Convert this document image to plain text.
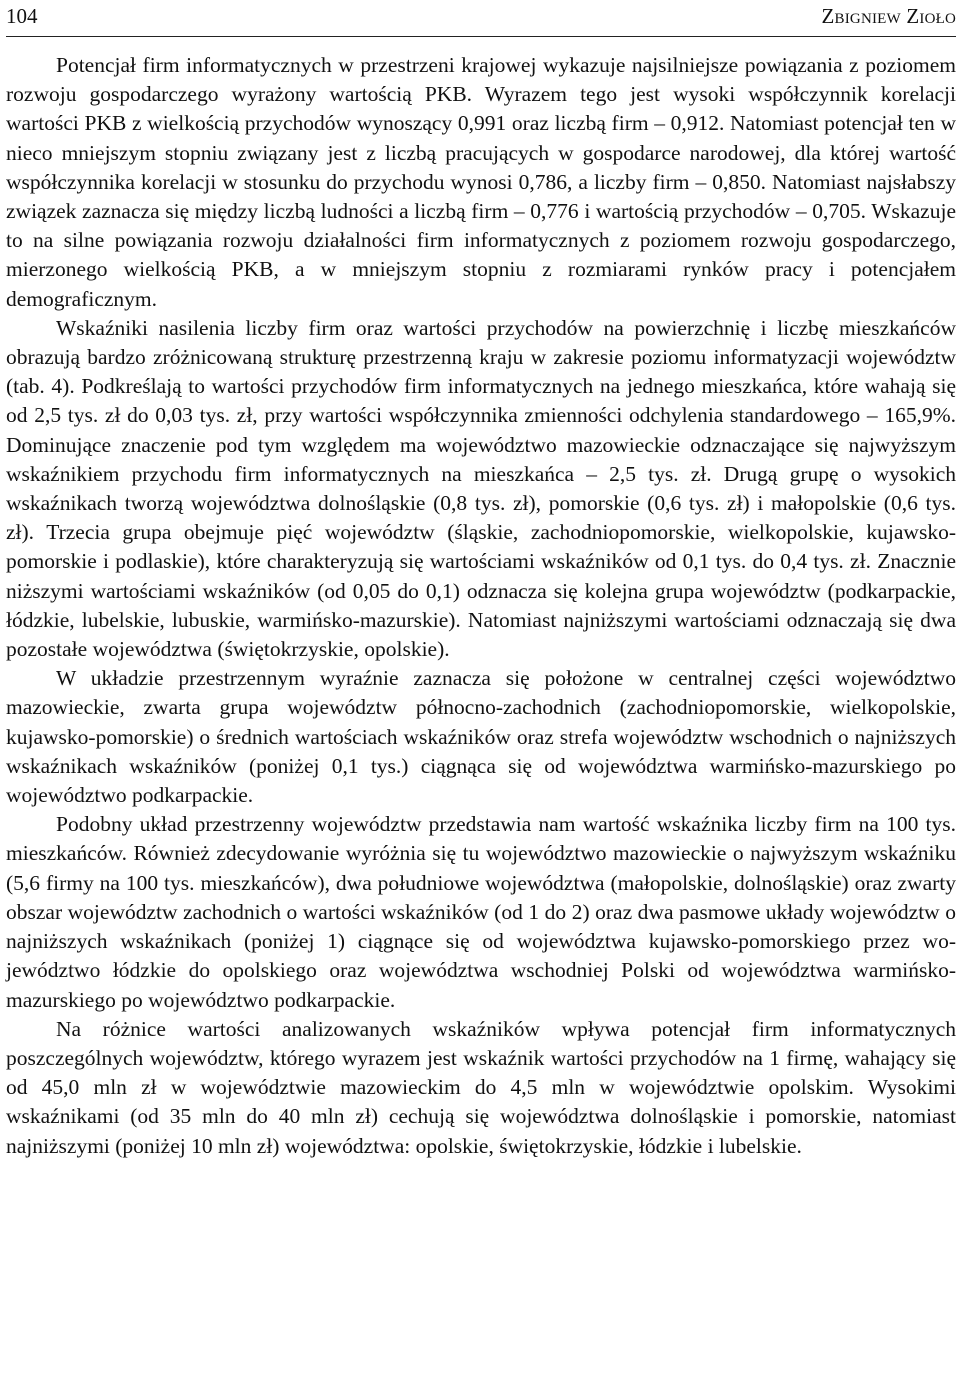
104	Zbigniew Zioło

Potencjał firm informatycznych w przestrzeni krajowej wykazuje najsilniejsze powiązania z poziomem rozwoju gospodarczego wyrażony wartością PKB. Wyrazem tego jest wysoki współczynnik korelacji wartości PKB z wielkością przychodów wynoszący 0,991 oraz liczbą firm – 0,912. Natomiast potencjał ten w nieco mniejszym stopniu związany jest z liczbą pracujących w gospodarce narodowej, dla której wartość współczynnika korelacji w stosunku do przychodu wynosi 0,786, a liczby firm – 0,850. Natomiast najsłabszy związek zaznacza się między liczbą ludności a liczbą firm – 0,776 i wartością przychodów – 0,705. Wskazuje to na silne powiązania rozwoju działalności firm informatycznych z poziomem rozwoju gospodarczego, mierzonego wielkością PKB, a w mniejszym stopniu z rozmiarami rynków pracy i potencjałem demograficznym.

Wskaźniki nasilenia liczby firm oraz wartości przychodów na powierzchnię i liczbę mieszkańców obrazują bardzo zróżnicowaną strukturę przestrzenną kraju w zakresie poziomu informatyzacji województw (tab. 4). Podkreślają to wartości przychodów firm informatycznych na jednego mieszkańca, które wahają się od 2,5 tys. zł do 0,03 tys. zł, przy wartości współczynnika zmienności odchylenia standardowego – 165,9%. Dominujące znaczenie pod tym względem ma województwo mazowieckie odznaczające się najwyższym wskaźnikiem przychodu firm informatycznych na mieszkańca – 2,5 tys. zł. Drugą grupę o wysokich wskaźnikach tworzą województwa dolnośląskie (0,8 tys. zł), pomorskie (0,6 tys. zł) i małopolskie (0,6 tys. zł). Trzecia grupa obejmuje pięć województw (śląskie, zachodniopomorskie, wielkopolskie, kujawsko-pomorskie i podlaskie), które charakteryzują się wartościami wskaźników od 0,1 tys. do 0,4 tys. zł. Znacznie niższymi wartościami wskaźników (od 0,05 do 0,1) odznacza się kolejna grupa województw (podkarpackie, łódzkie, lubelskie, lubuskie, warmińsko-mazurskie). Natomiast najniższymi wartościami odznaczają się dwa pozostałe województwa (świętokrzyskie, opolskie).

W układzie przestrzennym wyraźnie zaznacza się położone w centralnej części województwo mazowieckie, zwarta grupa województw północno-zachodnich (zachodniopomorskie, wielkopolskie, kujawsko-pomorskie) o średnich wartościach wskaźników oraz strefa województw wschodnich o najniższych wskaźnikach wskaźników (poniżej 0,1 tys.) ciągnąca się od województwa warmińsko-mazurskiego po województwo podkarpackie.

Podobny układ przestrzenny województw przedstawia nam wartość wskaźnika liczby firm na 100 tys. mieszkańców. Również zdecydowanie wyróżnia się tu województwo mazowieckie o najwyższym wskaźniku (5,6 firmy na 100 tys. mieszkańców), dwa południowe województwa (małopolskie, dolnośląskie) oraz zwarty obszar województw zachodnich o wartości wskaźników (od 1 do 2) oraz dwa pasmowe układy województw o najniższych wskaźnikach (poniżej 1) ciągnące się od województwa kujawsko-pomorskiego przez województwo łódzkie do opolskiego oraz województwa wschodniej Polski od województwa warmińsko-mazurskiego po województwo podkarpackie.

Na różnice wartości analizowanych wskaźników wpływa potencjał firm informatycznych poszczególnych województw, którego wyrazem jest wskaźnik wartości przychodów na 1 firmę, wahający się od 45,0 mln zł w województwie mazowieckim do 4,5 mln w województwie opolskim. Wysokimi wskaźnikami (od 35 mln do 40 mln zł) cechują się województwa dolnośląskie i pomorskie, natomiast najniższymi (poniżej 10 mln zł) województwa: opolskie, świętokrzyskie, łódzkie i lubelskie.
